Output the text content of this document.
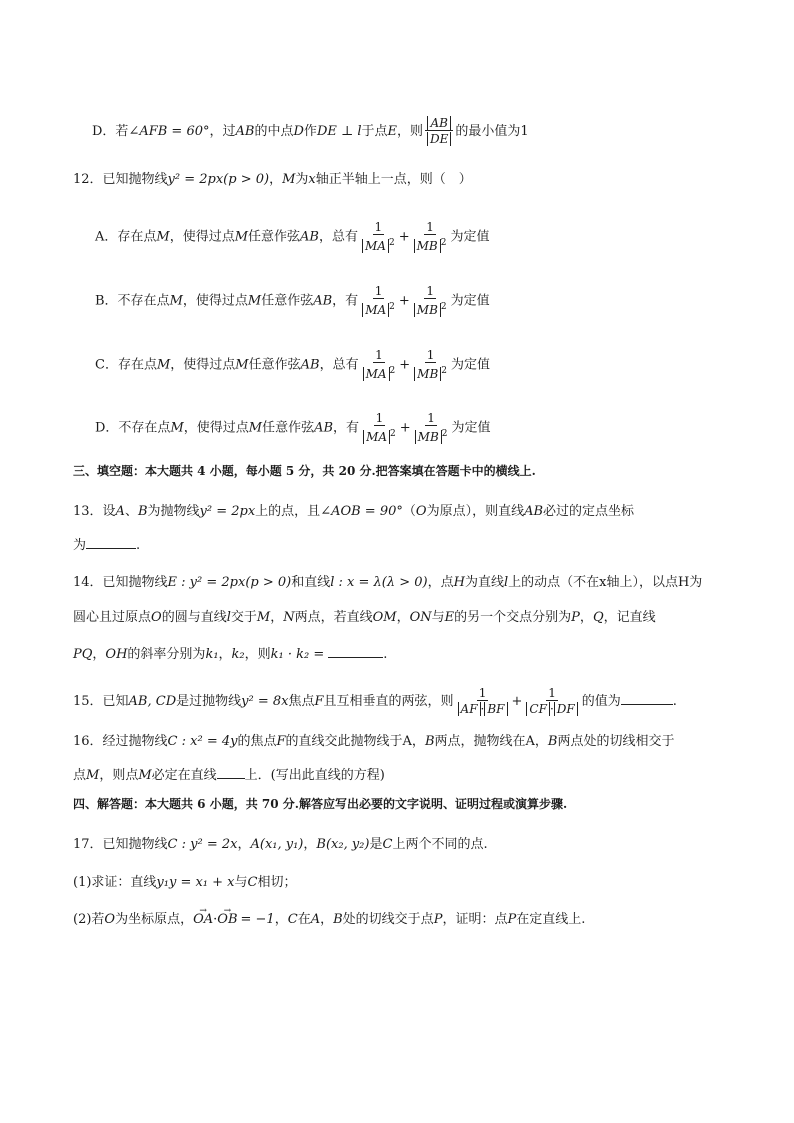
D．若∠AFB = 60°，过AB的中点D作DE ⊥ l于点E，则 $\frac{AB}{DE}$ 的最小值为1
12．已知抛物线y² = 2px(p > 0)，M为x轴正半轴上一点，则（　）
A．存在点M，使得过点M任意作弦AB，总有 $\frac{1}{MA ^2} + \frac{1}{MB ^2}$ 为定值
B．不存在点M，使得过点M任意作弦AB，有 $\frac{1}{MA ^2} + \frac{1}{MB ^2}$ 为定值
C．存在点M，使得过点M任意作弦AB，总有 $\frac{1}{MA ^2} + \frac{1}{MB ^2}$ 为定值
D．不存在点M，使得过点M任意作弦AB，有 $\frac{1}{MA ^2} + \frac{1}{MB ^2}$ 为定值
三、填空题：本大题共 4 小题，每小题 5 分，共 20 分.把答案填在答题卡中的横线上.
13．设A、B为抛物线y² = 2px上的点，且∠AOB = 90°（O为原点），则直线AB必过的定点坐标
为	.
14．已知抛物线E : y² = 2px(p > 0)和直线l : x = λ(λ > 0)，点H为直线l上的动点（不在x轴上），以点H为
圆心且过原点O的圆与直线l交于M，N两点，若直线OM，ON与E的另一个交点分别为P，Q，记直线
PQ，OH的斜率分别为k₁，k₂，则k₁ · k₂ =	.
15．已知AB, CD是过抛物线y² = 8x焦点F且互相垂直的两弦，则 $\frac{1}{AF \cdot BF} + \frac{1}{CF \cdot DF}$ 的值为	.
16．经过抛物线C : x² = 4y的焦点F的直线交此抛物线于A，B两点，抛物线在A，B两点处的切线相交于
点M，则点M必定在直线 上．(写出此直线的方程)
四、解答题：本大题共 6 小题，共 70 分.解答应写出必要的文字说明、证明过程或演算步骤.
17．已知抛物线C : y² = 2x，A(x₁, y₁)，B(x₂, y₂)是C上两个不同的点.
(1)求证：直线y₁y = x₁ + x与C相切；
(2)若O为坐标原点，→ OA·→ OB = −1，C在A，B处的切线交于点P，证明：点P在定直线上.
